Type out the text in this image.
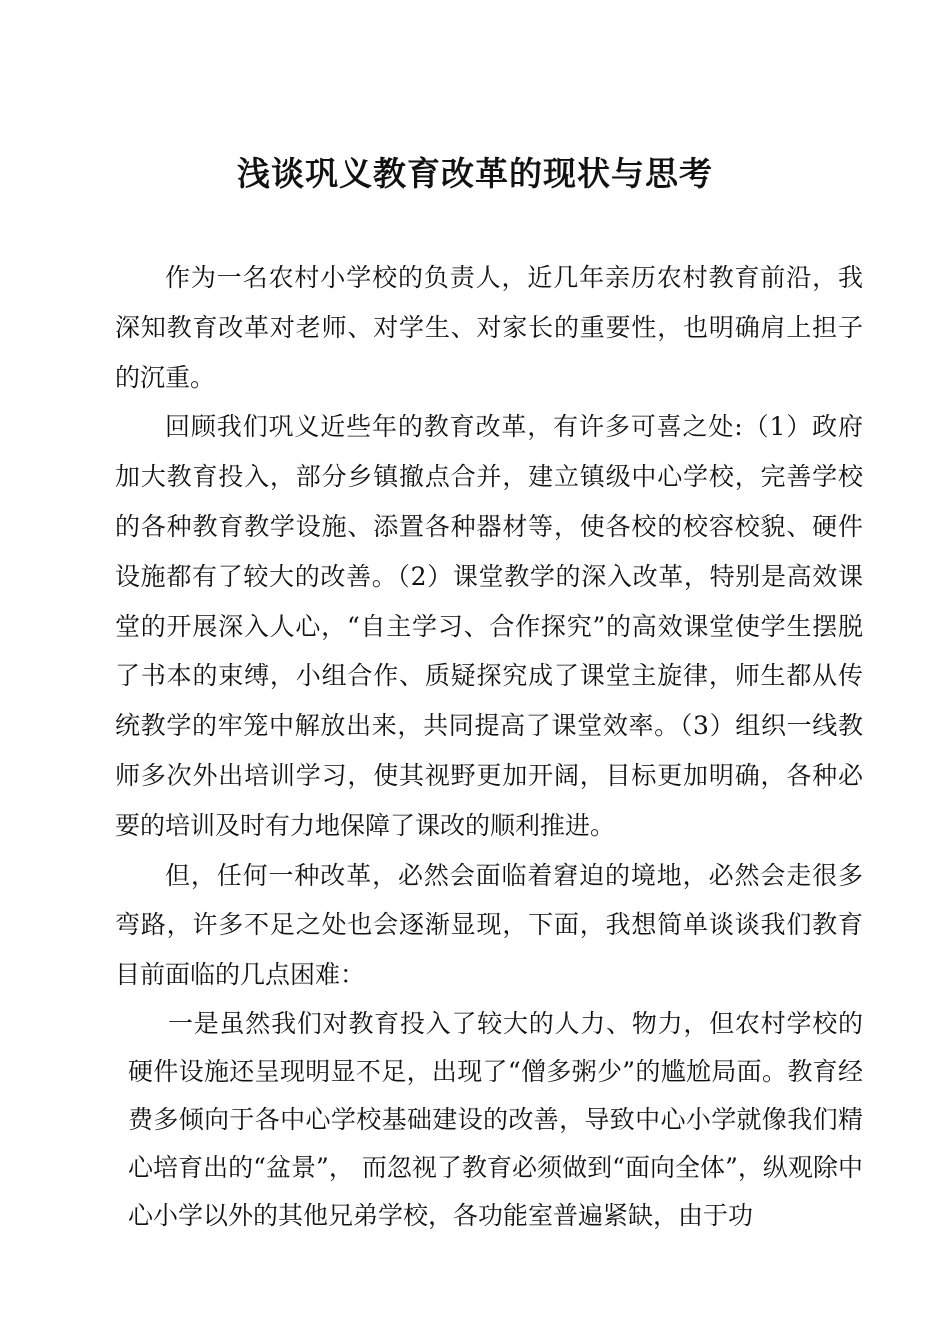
浅谈巩义教育改革的现状与思考

作为一名农村小学校的负责人，近几年亲历农村教育前沿，我深知教育改革对老师、对学生、对家长的重要性，也明确肩上担子的沉重。

回顾我们巩义近些年的教育改革，有许多可喜之处:（1）政府加大教育投入，部分乡镇撤点合并，建立镇级中心学校，完善学校的各种教育教学设施、添置各种器材等，使各校的校容校貌、硬件设施都有了较大的改善。（2）课堂教学的深入改革，特别是高效课堂的开展深入人心，“自主学习、合作探究”的高效课堂使学生摆脱了书本的束缚，小组合作、质疑探究成了课堂主旋律，师生都从传统教学的牢笼中解放出来，共同提高了课堂效率。（3）组织一线教师多次外出培训学习，使其视野更加开阔，目标更加明确，各种必要的培训及时有力地保障了课改的顺利推进。

但，任何一种改革，必然会面临着窘迫的境地，必然会走很多弯路，许多不足之处也会逐渐显现，下面，我想简单谈谈我们教育目前面临的几点困难：

一是虽然我们对教育投入了较大的人力、物力，但农村学校的硬件设施还呈现明显不足，出现了“僧多粥少”的尴尬局面。教育经费多倾向于各中心学校基础建设的改善，导致中心小学就像我们精心培育出的“盆景”， 而忽视了教育必须做到“面向全体”，纵观除中心小学以外的其他兄弟学校，各功能室普遍紧缺，由于功
